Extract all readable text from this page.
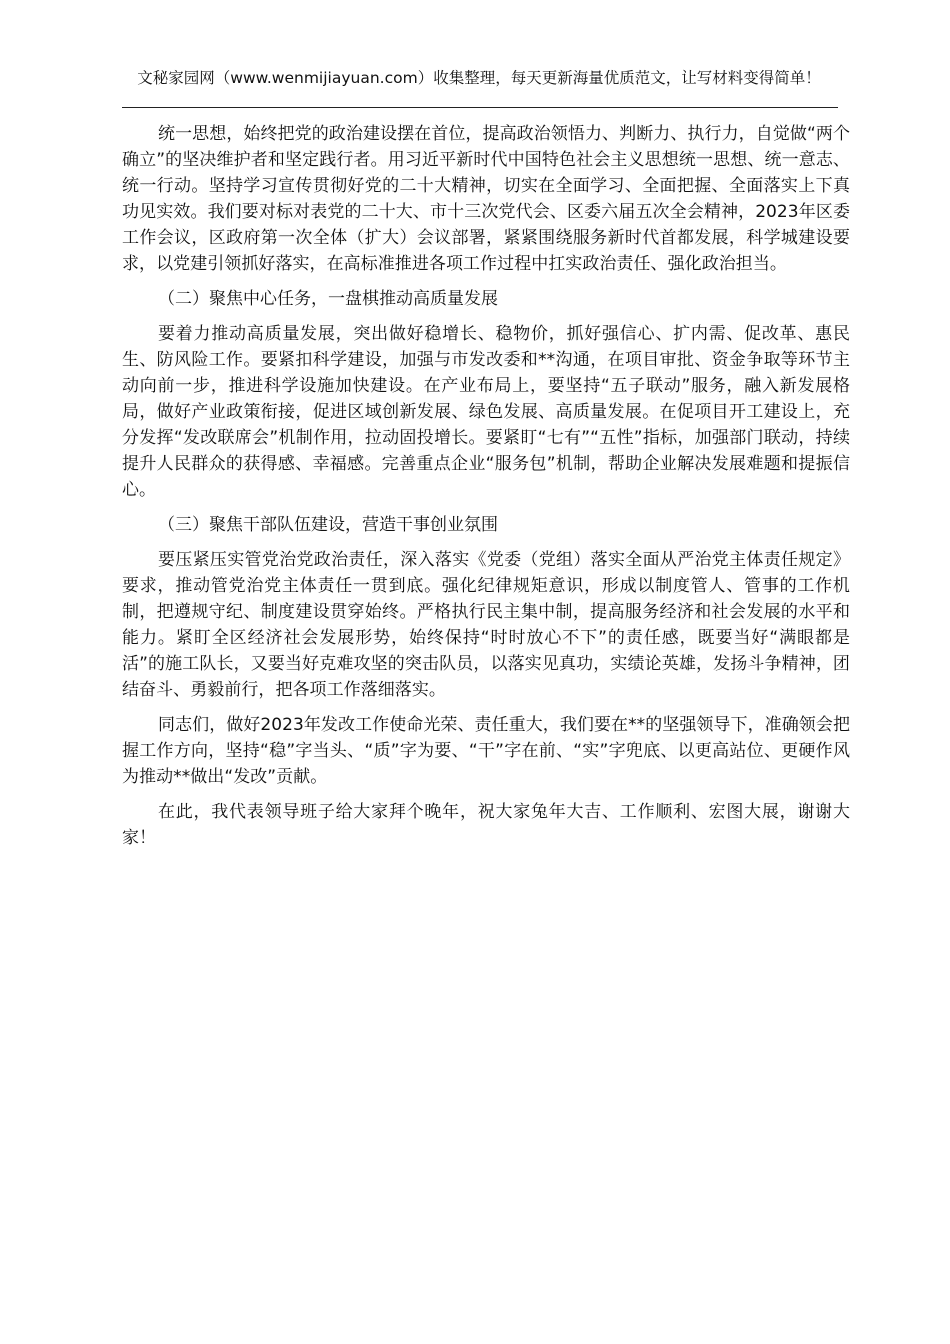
文秘家园网（www.wenmijiayuan.com）收集整理，每天更新海量优质范文，让写材料变得简单！

统一思想，始终把党的政治建设摆在首位，提高政治领悟力、判断力、执行力，自觉做“两个确立”的坚决维护者和坚定践行者。用习近平新时代中国特色社会主义思想统一思想、统一意志、统一行动。坚持学习宣传贯彻好党的二十大精神，切实在全面学习、全面把握、全面落实上下真功见实效。我们要对标对表党的二十大、市十三次党代会、区委六届五次全会精神，2023年区委工作会议，区政府第一次全体（扩大）会议部署，紧紧围绕服务新时代首都发展，科学城建设要求，以党建引领抓好落实，在高标准推进各项工作过程中扛实政治责任、强化政治担当。

（二）聚焦中心任务，一盘棋推动高质量发展

要着力推动高质量发展，突出做好稳增长、稳物价，抓好强信心、扩内需、促改革、惠民生、防风险工作。要紧扣科学建设，加强与市发改委和**沟通，在项目审批、资金争取等环节主动向前一步，推进科学设施加快建设。在产业布局上，要坚持“五子联动”服务，融入新发展格局，做好产业政策衔接，促进区域创新发展、绿色发展、高质量发展。在促项目开工建设上，充分发挥“发改联席会”机制作用，拉动固投增长。要紧盯“七有”“五性”指标，加强部门联动，持续提升人民群众的获得感、幸福感。完善重点企业“服务包”机制，帮助企业解决发展难题和提振信心。

（三）聚焦干部队伍建设，营造干事创业氛围

要压紧压实管党治党政治责任，深入落实《党委（党组）落实全面从严治党主体责任规定》要求，推动管党治党主体责任一贯到底。强化纪律规矩意识，形成以制度管人、管事的工作机制，把遵规守纪、制度建设贯穿始终。严格执行民主集中制，提高服务经济和社会发展的水平和能力。紧盯全区经济社会发展形势，始终保持“时时放心不下”的责任感，既要当好“满眼都是活”的施工队长，又要当好克难攻坚的突击队员，以落实见真功，实绩论英雄，发扬斗争精神，团结奋斗、勇毅前行，把各项工作落细落实。

同志们，做好2023年发改工作使命光荣、责任重大，我们要在**的坚强领导下，准确领会把握工作方向，坚持“稳”字当头、“质”字为要、“干”字在前、“实”字兜底、以更高站位、更硬作风为推动**做出“发改”贡献。

在此，我代表领导班子给大家拜个晚年，祝大家兔年大吉、工作顺利、宏图大展，谢谢大家！
